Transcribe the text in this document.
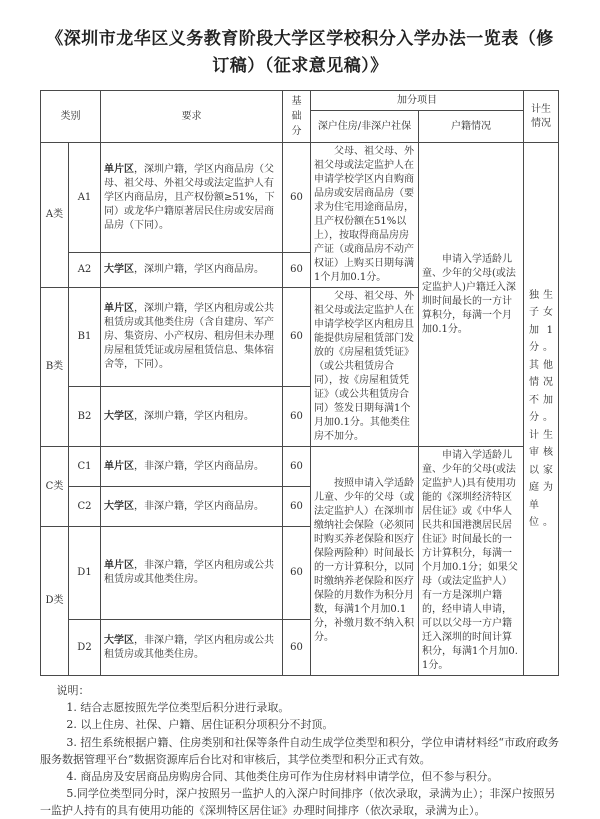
《深圳市龙华区义务教育阶段大学区学校积分入学办法一览表（修订稿）（征求意见稿）》
类别		要求	基础分	加分项目		计生情况

				深户住房/非深户社保	户籍情况	
A类	A1	单片区，深圳户籍，学区内商品房（父母、祖父母、外祖父母或法定监护人有学区内商品房，且产权份额≥51%，下同）或龙华户籍原著居民住房或安居商品房（下同）。	60	父母、祖父母、外祖父母或法定监护人在申请学校学区内自购商品房或安居商品房（要求为住宅用途商品房，且产权份额在51%以上），按取得商品房房产证（或商品房不动产权证）上购买日期每满1个月加0.1分。	申请入学适龄儿童、少年的父母(或法定监护人)户籍迁入深圳时间最长的一方计算积分，每满一个月加0.1分。	独生子女加1分。其他情况不加分。计生审核以家庭为单位。

	A2	大学区，深圳户籍，学区内商品房。	60			
B类	B1	单片区，深圳户籍，学区内租房或公共租赁房或其他类住房（含自建房、军产房、集资房、小产权房、租房但未办理房屋租赁凭证或房屋租赁信息、集体宿舍等，下同）。	60	父母、祖父母、外祖父母或法定监护人在申请学校学区内租房且能提供房屋租赁部门发放的《房屋租赁凭证》（或公共租赁房合同），按《房屋租赁凭证》（或公共租赁房合同）签发日期每满1个月加0.1分。其他类住房不加分。		

	B2	大学区，深圳户籍，学区内租房。	60			
C类	C1	单片区，非深户籍，学区内商品房。	60	按照申请入学适龄儿童、少年的父母（或法定监护人）在深圳市缴纳社会保险（必须同时购买养老保险和医疗保险两险种）时间最长的一方计算积分，以同时缴纳养老保险和医疗保险的月数作为积分月数，每满1个月加0.1分，补缴月数不纳入积分。	申请入学适龄儿童、少年的父母(或法定监护人)具有使用功能的《深圳经济特区居住证》或《中华人民共和国港澳居民居住证》时间最长的一方计算积分，每满一个月加0.1分；如果父母（或法定监护人）有一方是深圳户籍的，经申请人申请，可以以父母一方户籍迁入深圳的时间计算积分，每满1个月加0.1分。	

	C2	大学区，非深户籍，学区内商品房。	60			
D类	D1	单片区，非深户籍，学区内租房或公共租赁房或其他类住房。	60			
	D2	大学区，非深户籍，学区内租房或公共租赁房或其他类住房。	60			

说明：

1. 结合志愿按照先学位类型后积分进行录取。

2. 以上住房、社保、户籍、居住证积分项积分不封顶。

3. 招生系统根据户籍、住房类别和社保等条件自动生成学位类型和积分，学位申请材料经“市政府政务服务数据管理平台”数据资源库后台比对和审核后，其学位类型和积分正式有效。

4. 商品房及安居商品房购房合同、其他类住房可作为住房材料申请学位，但不参与积分。

5.同学位类型同分时，深户按照另一监护人的入深户时间排序（依次录取，录满为止）；非深户按照另一监护人持有的具有使用功能的《深圳特区居住证》办理时间排序（依次录取，录满为止）。
